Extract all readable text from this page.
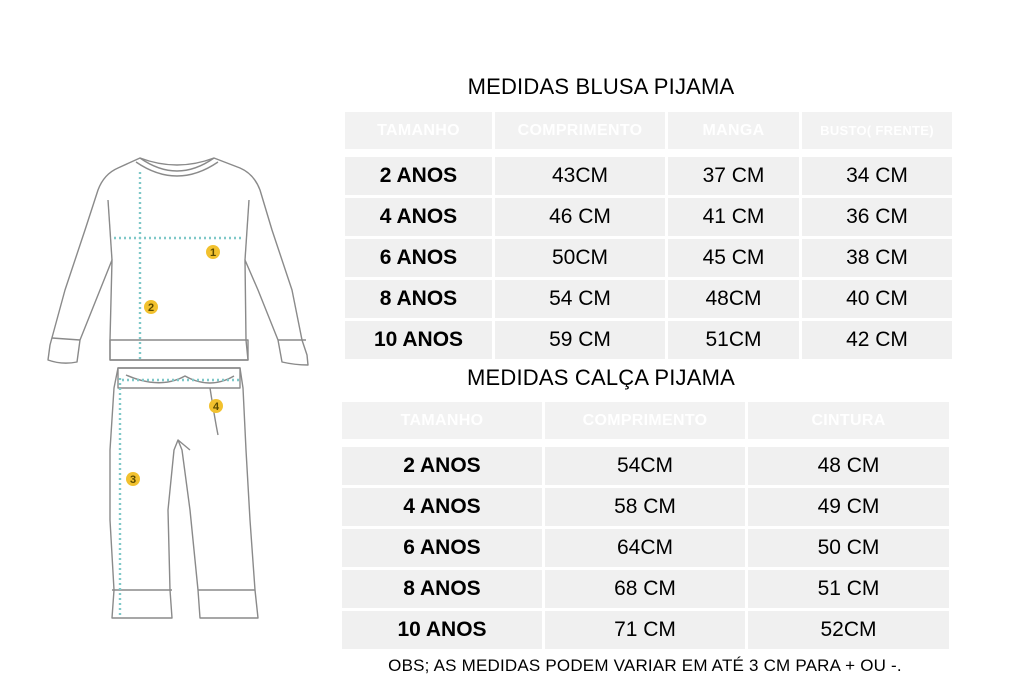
1
2
3
4
MEDIDAS BLUSA PIJAMA
TAMANHO	COMPRIMENTO	MANGA	BUSTO( FRENTE)

2 ANOS	43CM	37 CM	34 CM
4 ANOS	46 CM	41 CM	36 CM
6 ANOS	50CM	45 CM	38 CM
8 ANOS	54 CM	48CM	40 CM
10 ANOS	59 CM	51CM	42 CM
MEDIDAS CALÇA PIJAMA
TAMANHO	COMPRIMENTO	CINTURA

2 ANOS	54CM	48 CM
4 ANOS	58 CM	49 CM
6 ANOS	64CM	50 CM
8 ANOS	68 CM	51 CM
10 ANOS	71 CM	52CM
OBS; AS MEDIDAS PODEM VARIAR EM ATÉ 3 CM PARA + OU -.
